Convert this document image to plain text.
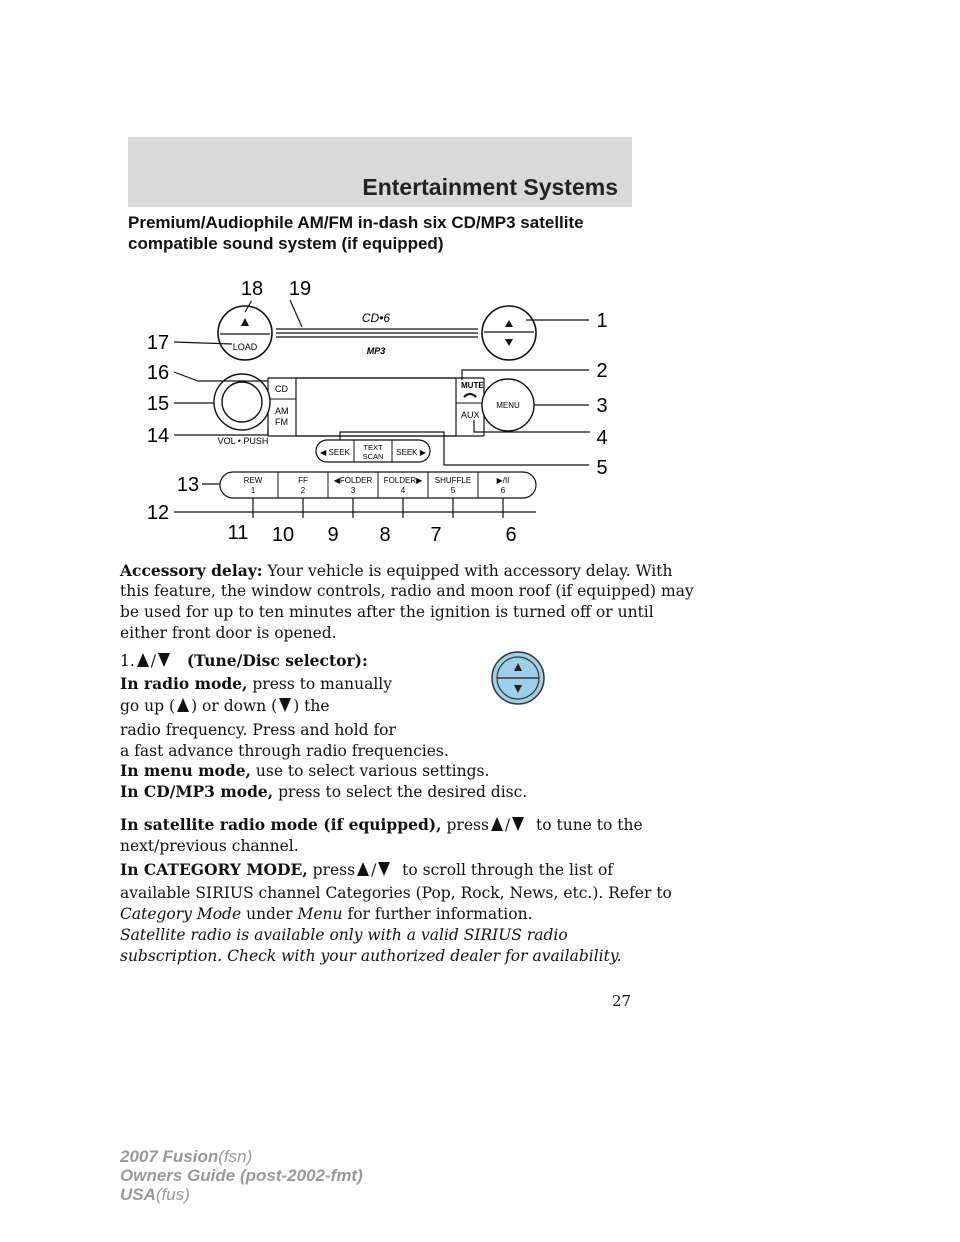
Entertainment Systems
Premium/Audiophile AM/FM in-dash six CD/MP3 satellite compatible sound system (if equipped)
LOAD
CD•6
MP3
VOL • PUSH
CD
AM
FM
MENU
MUTE
AUX
◀ SEEK
TEXT
SCAN SEEK ▶
REW
1
FF
2
◀FOLDER
3
FOLDER▶
4
SHUFFLE
5
▶/II
6
1
2
3
4
5
6
7
8
9
10
11
12
13
14
15
16
17
18 19
Accessory delay: Your vehicle is equipped with accessory delay. With
this feature, the window controls, radio and moon roof (if equipped) may
be used for up to ten minutes after the ignition is turned off or until
either front door is opened.
1. / (Tune/Disc selector):
In radio mode, press to manually
go up ( ) or down ( ) the
radio frequency. Press and hold for
a fast advance through radio frequencies.
In menu mode, use to select various settings.
In CD/MP3 mode, press to select the desired disc.
In satellite radio mode (if equipped), press / to tune to the
next/previous channel.
In CATEGORY MODE, press / to scroll through the list of
available SIRIUS channel Categories (Pop, Rock, News, etc.). Refer to
Category Mode under Menu for further information.
Satellite radio is available only with a valid SIRIUS radio
subscription. Check with your authorized dealer for availability.
27
2007 Fusion(fsn)
Owners Guide (post-2002-fmt)
USA(fus)
